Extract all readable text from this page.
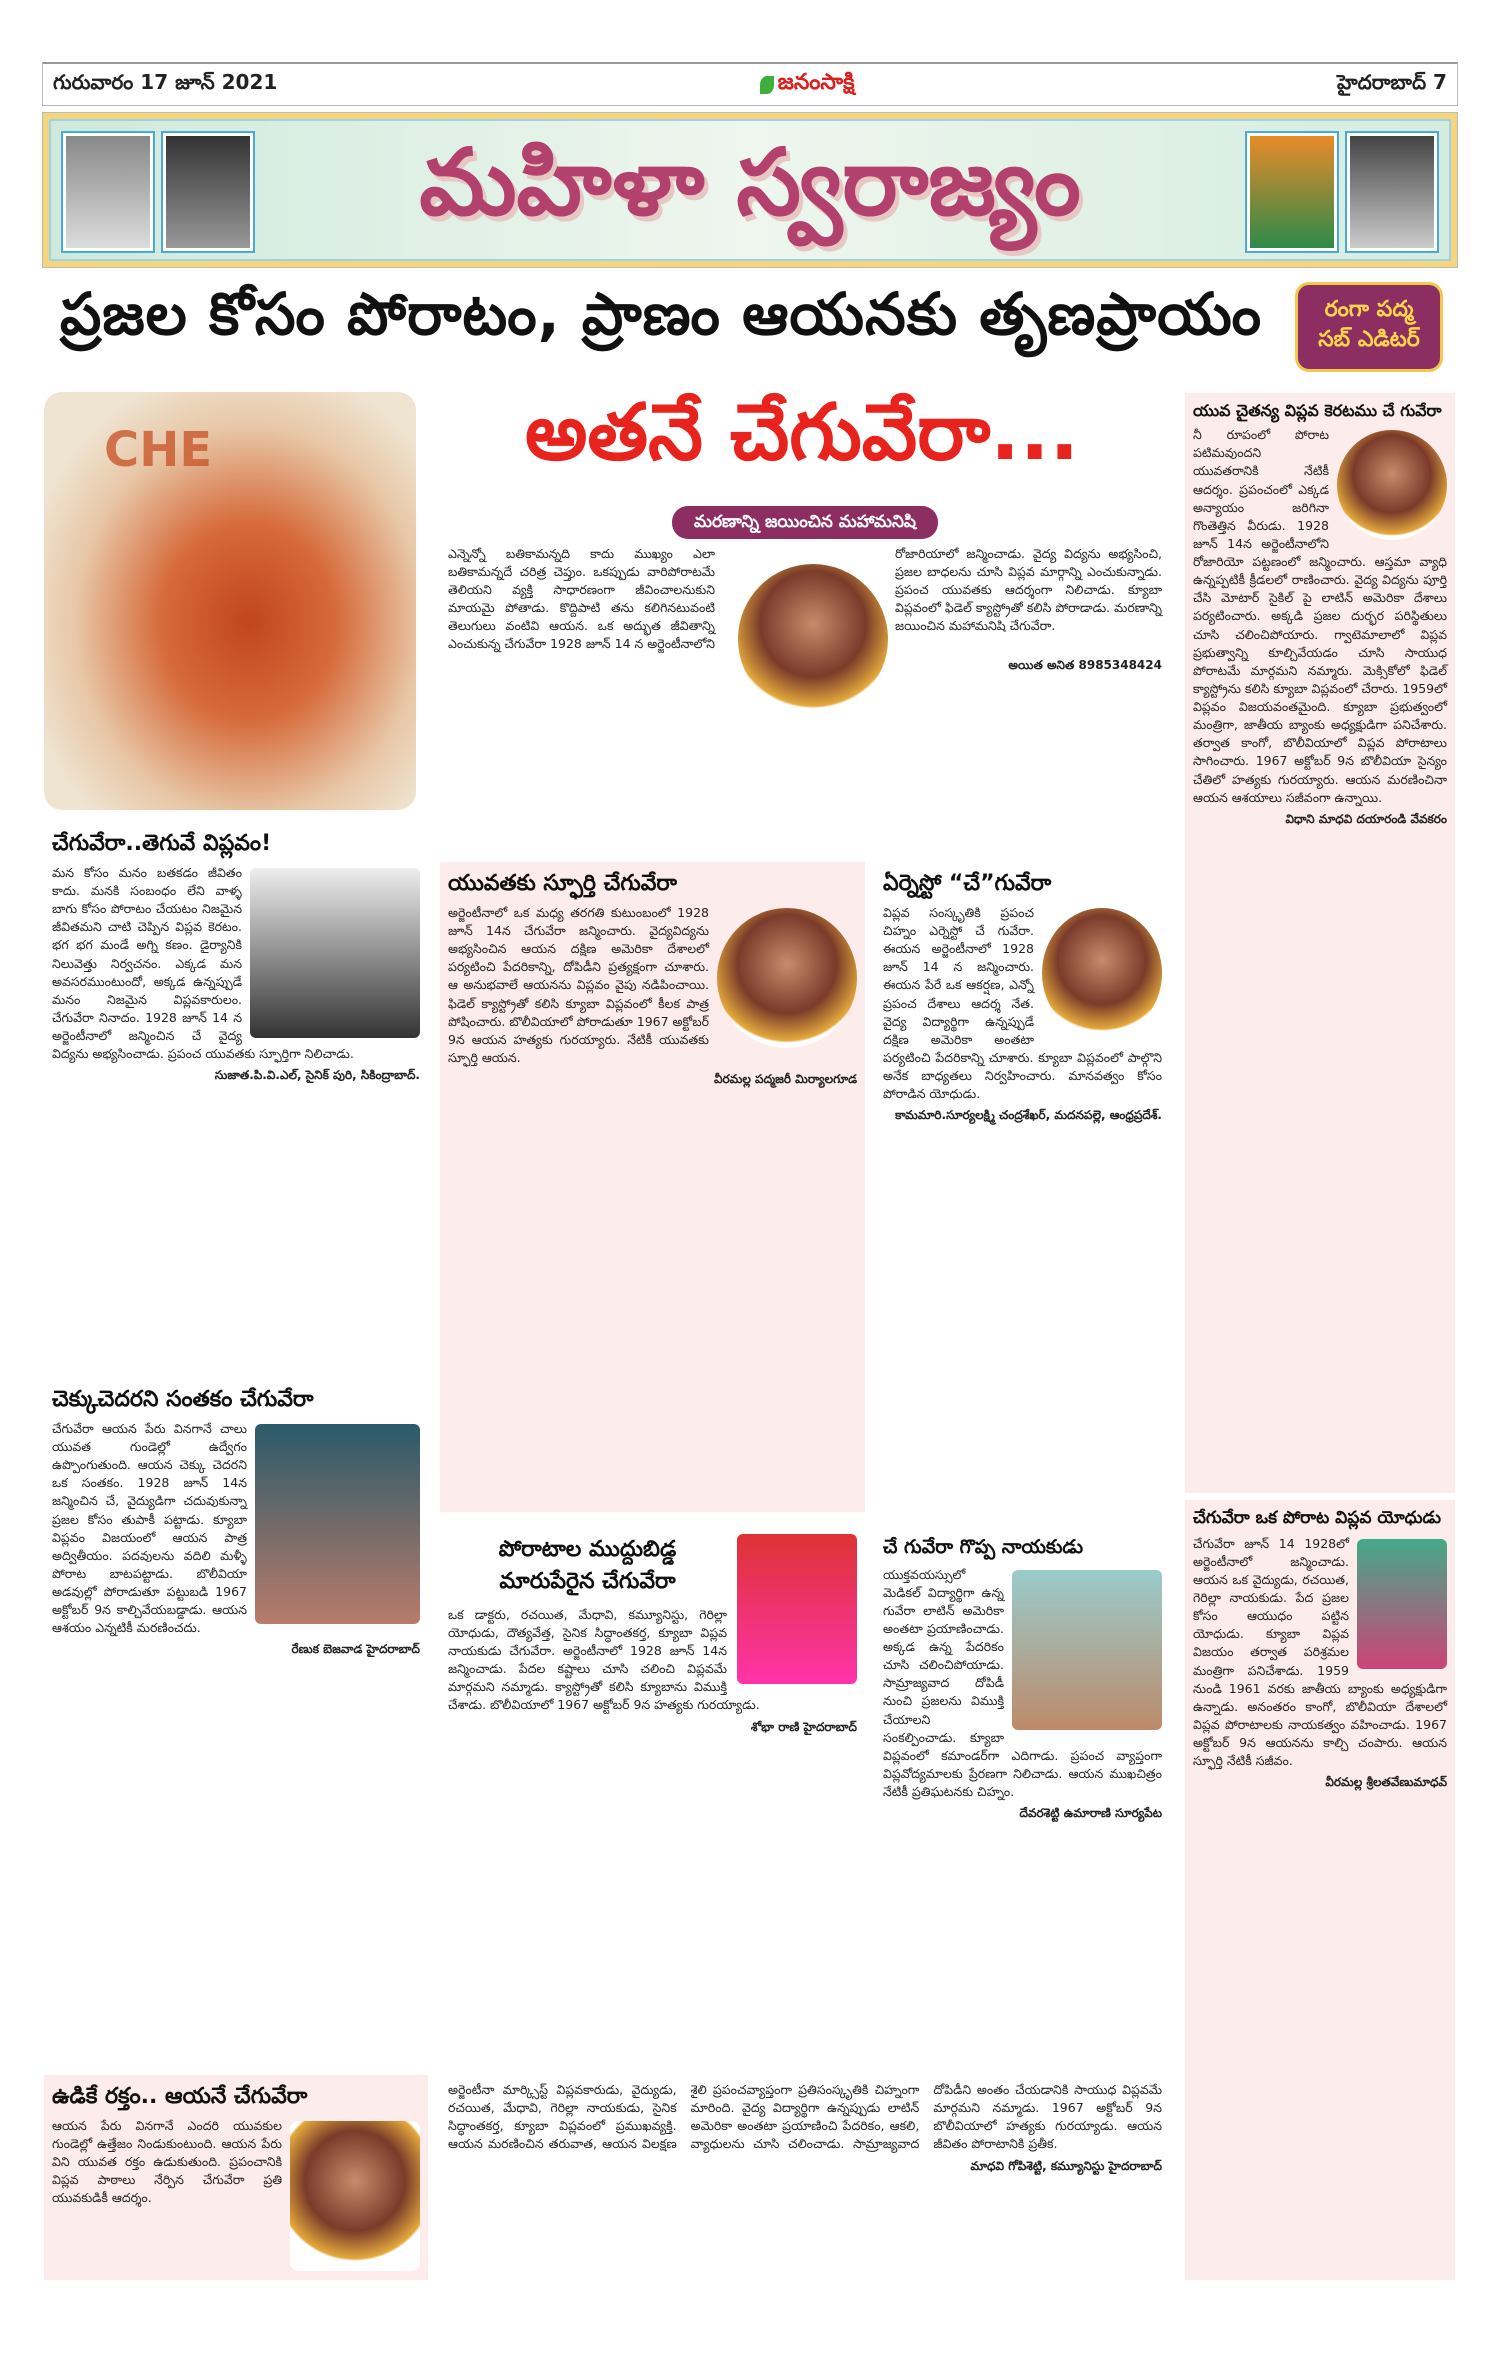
గురువారం 17 జూన్ 2021	జనంసాక్షి	హైదరాబాద్ 7
మహిళా స్వరాజ్యం
ప్రజల కోసం పోరాటం, ప్రాణం ఆయనకు తృణప్రాయం	రంగా పద్మ
సబ్ ఎడిటర్
CHE	అతనే చేగువేరా...
మరణాన్ని జయించిన మహామనిషి
ఎన్నెన్నో బతికామన్నది కాదు ముఖ్యం ఎలా బతికామన్నదే చరిత్ర చెప్తుం. ఒకప్పుడు వారిపోరాటమే తెలియని వ్యక్తి సాధారణంగా జీవించాలనుకుని మాయమై పోతాడు. కొద్దిపాటి తను కలిగినటువంటి తెలుగులు వంటివి ఆయన. ఒక అద్భుత జీవితాన్ని ఎంచుకున్న చేగువేరా 1928 జూన్ 14 న అర్జెంటీనాలోని రోజారియాలో జన్మించాడు. వైద్య విద్యను అభ్యసించి, ప్రజల బాధలను చూసి విప్లవ మార్గాన్ని ఎంచుకున్నాడు. ప్రపంచ యువతకు ఆదర్శంగా నిలిచాడు. క్యూబా విప్లవంలో ఫిడెల్ క్యాస్ట్రోతో కలిసి పోరాడాడు. మరణాన్ని జయించిన మహామనిషి చేగువేరా.
అయిత అనిత 8985348424
చేగువేరా..తెగువే విప్లవం!
మన కోసం మనం బతకడం జీవితం కాదు. మనకి సంబంధం లేని వాళ్ళ బాగు కోసం పోరాటం చేయటం నిజమైన జీవితమని చాటి చెప్పిన విప్లవ కెరటం. భగ భగ మండే అగ్ని కణం. డైర్యానికి నిలువెత్తు నిర్వచనం. ఎక్కడ మన అవసరముంటుందో, అక్కడ ఉన్నప్పుడే మనం నిజమైన విప్లవకారులం. చేగువేరా నినాదం. 1928 జూన్ 14 న అర్జెంటీనాలో జన్మించిన చే వైద్య విద్యను అభ్యసించాడు. ప్రపంచ యువతకు స్ఫూర్తిగా నిలిచాడు.
సుజాత.పి.వి.ఎల్, సైనిక్ పురి, సికింద్రాబాద్.
యువతకు స్ఫూర్తి చేగువేరా
అర్జెంటీనాలో ఒక మధ్య తరగతి కుటుంబంలో 1928 జూన్ 14న చేగువేరా జన్మించారు. వైద్యవిద్యను అభ్యసించిన ఆయన దక్షిణ అమెరికా దేశాలలో పర్యటించి పేదరికాన్ని, దోపిడీని ప్రత్యక్షంగా చూశారు. ఆ అనుభవాలే ఆయనను విప్లవం వైపు నడిపించాయి. ఫిడెల్ క్యాస్ట్రోతో కలిసి క్యూబా విప్లవంలో కీలక పాత్ర పోషించారు. బొలీవియాలో పోరాడుతూ 1967 అక్టోబర్ 9న ఆయన హత్యకు గురయ్యారు. నేటికీ యువతకు స్ఫూర్తి ఆయన.
వీరమల్ల పద్మజరీ మిర్యాలగూడ
ఏర్నెస్టో “చే”గువేరా
విప్లవ సంస్కృతికి ప్రపంచ చిహ్నం ఎర్నెస్టో చే గువేరా. ఈయన అర్జెంటీనాలో 1928 జూన్ 14 న జన్మించారు. ఈయన పేరే ఒక ఆకర్షణ, ఎన్నో ప్రపంచ దేశాలు ఆదర్శ నేత. వైద్య విద్యార్థిగా ఉన్నప్పుడే దక్షిణ అమెరికా అంతటా పర్యటించి పేదరికాన్ని చూశారు. క్యూబా విప్లవంలో పాల్గొని అనేక బాధ్యతలు నిర్వహించారు. మానవత్వం కోసం పోరాడిన యోధుడు.
కామమారి.సూర్యలక్ష్మి చంద్రశేఖర్, మదనపల్లె, ఆంధ్రప్రదేశ్.
యువ చైతన్య విప్లవ కెరటము చే గువేరా
నీ రూపంలో పోరాట పటిమవుందని యువతరానికి నేటికీ ఆదర్శం. ప్రపంచంలో ఎక్కడ అన్యాయం జరిగినా గొంతెత్తిన వీరుడు. 1928 జూన్ 14న అర్జెంటీనాలోని రోజారియో పట్టణంలో జన్మించారు. ఆస్తమా వ్యాధి ఉన్నప్పటికీ క్రీడలలో రాణించారు. వైద్య విద్యను పూర్తి చేసి మోటార్ సైకిల్ పై లాటిన్ అమెరికా దేశాలు పర్యటించారు. అక్కడి ప్రజల దుర్భర పరిస్థితులు చూసి చలించిపోయారు. గ్వాటెమాలాలో విప్లవ ప్రభుత్వాన్ని కూల్చివేయడం చూసి సాయుధ పోరాటమే మార్గమని నమ్మారు. మెక్సికోలో ఫిడెల్ క్యాస్ట్రోను కలిసి క్యూబా విప్లవంలో చేరారు. 1959లో విప్లవం విజయవంతమైంది. క్యూబా ప్రభుత్వంలో మంత్రిగా, జాతీయ బ్యాంకు అధ్యక్షుడిగా పనిచేశారు. తర్వాత కాంగో, బొలీవియాలో విప్లవ పోరాటాలు సాగించారు. 1967 అక్టోబర్ 9న బొలీవియా సైన్యం చేతిలో హత్యకు గురయ్యారు. ఆయన మరణించినా ఆయన ఆశయాలు సజీవంగా ఉన్నాయి.
విధాని మాధవి దయారండి వేవకరం
చెక్కుచెదరని సంతకం చేగువేరా
చేగువేరా ఆయన పేరు వినగానే చాలు యువత గుండెల్లో ఉద్వేగం ఉప్పొంగుతుంది. ఆయన చెక్కు చెదరని ఒక సంతకం. 1928 జూన్ 14న జన్మించిన చే, వైద్యుడిగా చదువుకున్నా ప్రజల కోసం తుపాకీ పట్టాడు. క్యూబా విప్లవం విజయంలో ఆయన పాత్ర అద్వితీయం. పదవులను వదిలి మళ్ళీ పోరాట బాటపట్టాడు. బొలీవియా అడవుల్లో పోరాడుతూ పట్టుబడి 1967 అక్టోబర్ 9న కాల్చివేయబడ్డాడు. ఆయన ఆశయం ఎన్నటికీ మరణించదు.
రేణుక బెజవాడ హైదరాబాద్
పోరాటాల ముద్దుబిడ్డ మారుపేరైన చేగువేరా
ఒక డాక్టరు, రచయిత, మేధావి, కమ్యూనిస్టు, గెరిల్లా యోధుడు, దౌత్యవేత్త, సైనిక సిద్ధాంతకర్త, క్యూబా విప్లవ నాయకుడు చేగువేరా. అర్జెంటీనాలో 1928 జూన్ 14న జన్మించాడు. పేదల కష్టాలు చూసి చలించి విప్లవమే మార్గమని నమ్మాడు. క్యాస్ట్రోతో కలిసి క్యూబాను విముక్తి చేశాడు. బొలీవియాలో 1967 అక్టోబర్ 9న హత్యకు గురయ్యాడు.
శోభా రాణి హైదరాబాద్
చే గువేరా గొప్ప నాయకుడు
యుక్తవయస్సులో మెడికల్ విద్యార్థిగా ఉన్న గువేరా లాటిన్ అమెరికా అంతటా ప్రయాణించాడు. అక్కడ ఉన్న పేదరికం చూసి చలించిపోయాడు. సామ్రాజ్యవాద దోపిడీ నుంచి ప్రజలను విముక్తి చేయాలని సంకల్పించాడు. క్యూబా విప్లవంలో కమాండర్‌గా ఎదిగాడు. ప్రపంచ వ్యాప్తంగా విప్లవోద్యమాలకు ప్రేరణగా నిలిచాడు. ఆయన ముఖచిత్రం నేటికీ ప్రతిఘటనకు చిహ్నం.
దేవరశెట్టి ఉమారాణి సూర్యపేట
చేగువేరా ఒక పోరాట విప్లవ యోధుడు
చేగువేరా జూన్ 14 1928లో అర్జెంటీనాలో జన్మించాడు. ఆయన ఒక వైద్యుడు, రచయిత, గెరిల్లా నాయకుడు. పేద ప్రజల కోసం ఆయుధం పట్టిన యోధుడు. క్యూబా విప్లవ విజయం తర్వాత పరిశ్రమల మంత్రిగా పనిచేశాడు. 1959 నుండి 1961 వరకు జాతీయ బ్యాంకు అధ్యక్షుడిగా ఉన్నాడు. అనంతరం కాంగో, బొలీవియా దేశాలలో విప్లవ పోరాటాలకు నాయకత్వం వహించాడు. 1967 అక్టోబర్ 9న ఆయనను కాల్చి చంపారు. ఆయన స్ఫూర్తి నేటికీ సజీవం.
వీరమల్ల శ్రీలతవేణుమాధవ్
ఉడికే రక్తం.. ఆయనే చేగువేరా
ఆయన పేరు వినగానే ఎందరి యువకుల గుండెల్లో ఉత్తేజం నిండుకుంటుంది. ఆయన పేరు విని యువత రక్తం ఉడుకుతుంది. ప్రపంచానికి విప్లవ పాఠాలు నేర్పిన చేగువేరా ప్రతి యువకుడికీ ఆదర్శం.
అర్జెంటీనా మార్క్సిస్ట్ విప్లవకారుడు, వైద్యుడు, రచయిత, మేధావి, గెరిల్లా నాయకుడు, సైనిక సిద్ధాంతకర్త, క్యూబా విప్లవంలో ప్రముఖవ్యక్తి. ఆయన మరణించిన తరువాత, ఆయన విలక్షణ శైలి ప్రపంచవ్యాప్తంగా ప్రతిసంస్కృతికి చిహ్నంగా మారింది. వైద్య విద్యార్థిగా ఉన్నప్పుడు లాటిన్ అమెరికా అంతటా ప్రయాణించి పేదరికం, ఆకలి, వ్యాధులను చూసి చలించాడు. సామ్రాజ్యవాద దోపిడీని అంతం చేయడానికి సాయుధ విప్లవమే మార్గమని నమ్మాడు. 1967 అక్టోబర్ 9న బొలీవియాలో హత్యకు గురయ్యాడు. ఆయన జీవితం పోరాటానికి ప్రతీక.
మాధవి గోపిశెట్టి, కమ్యూనిస్టు హైదరాబాద్
